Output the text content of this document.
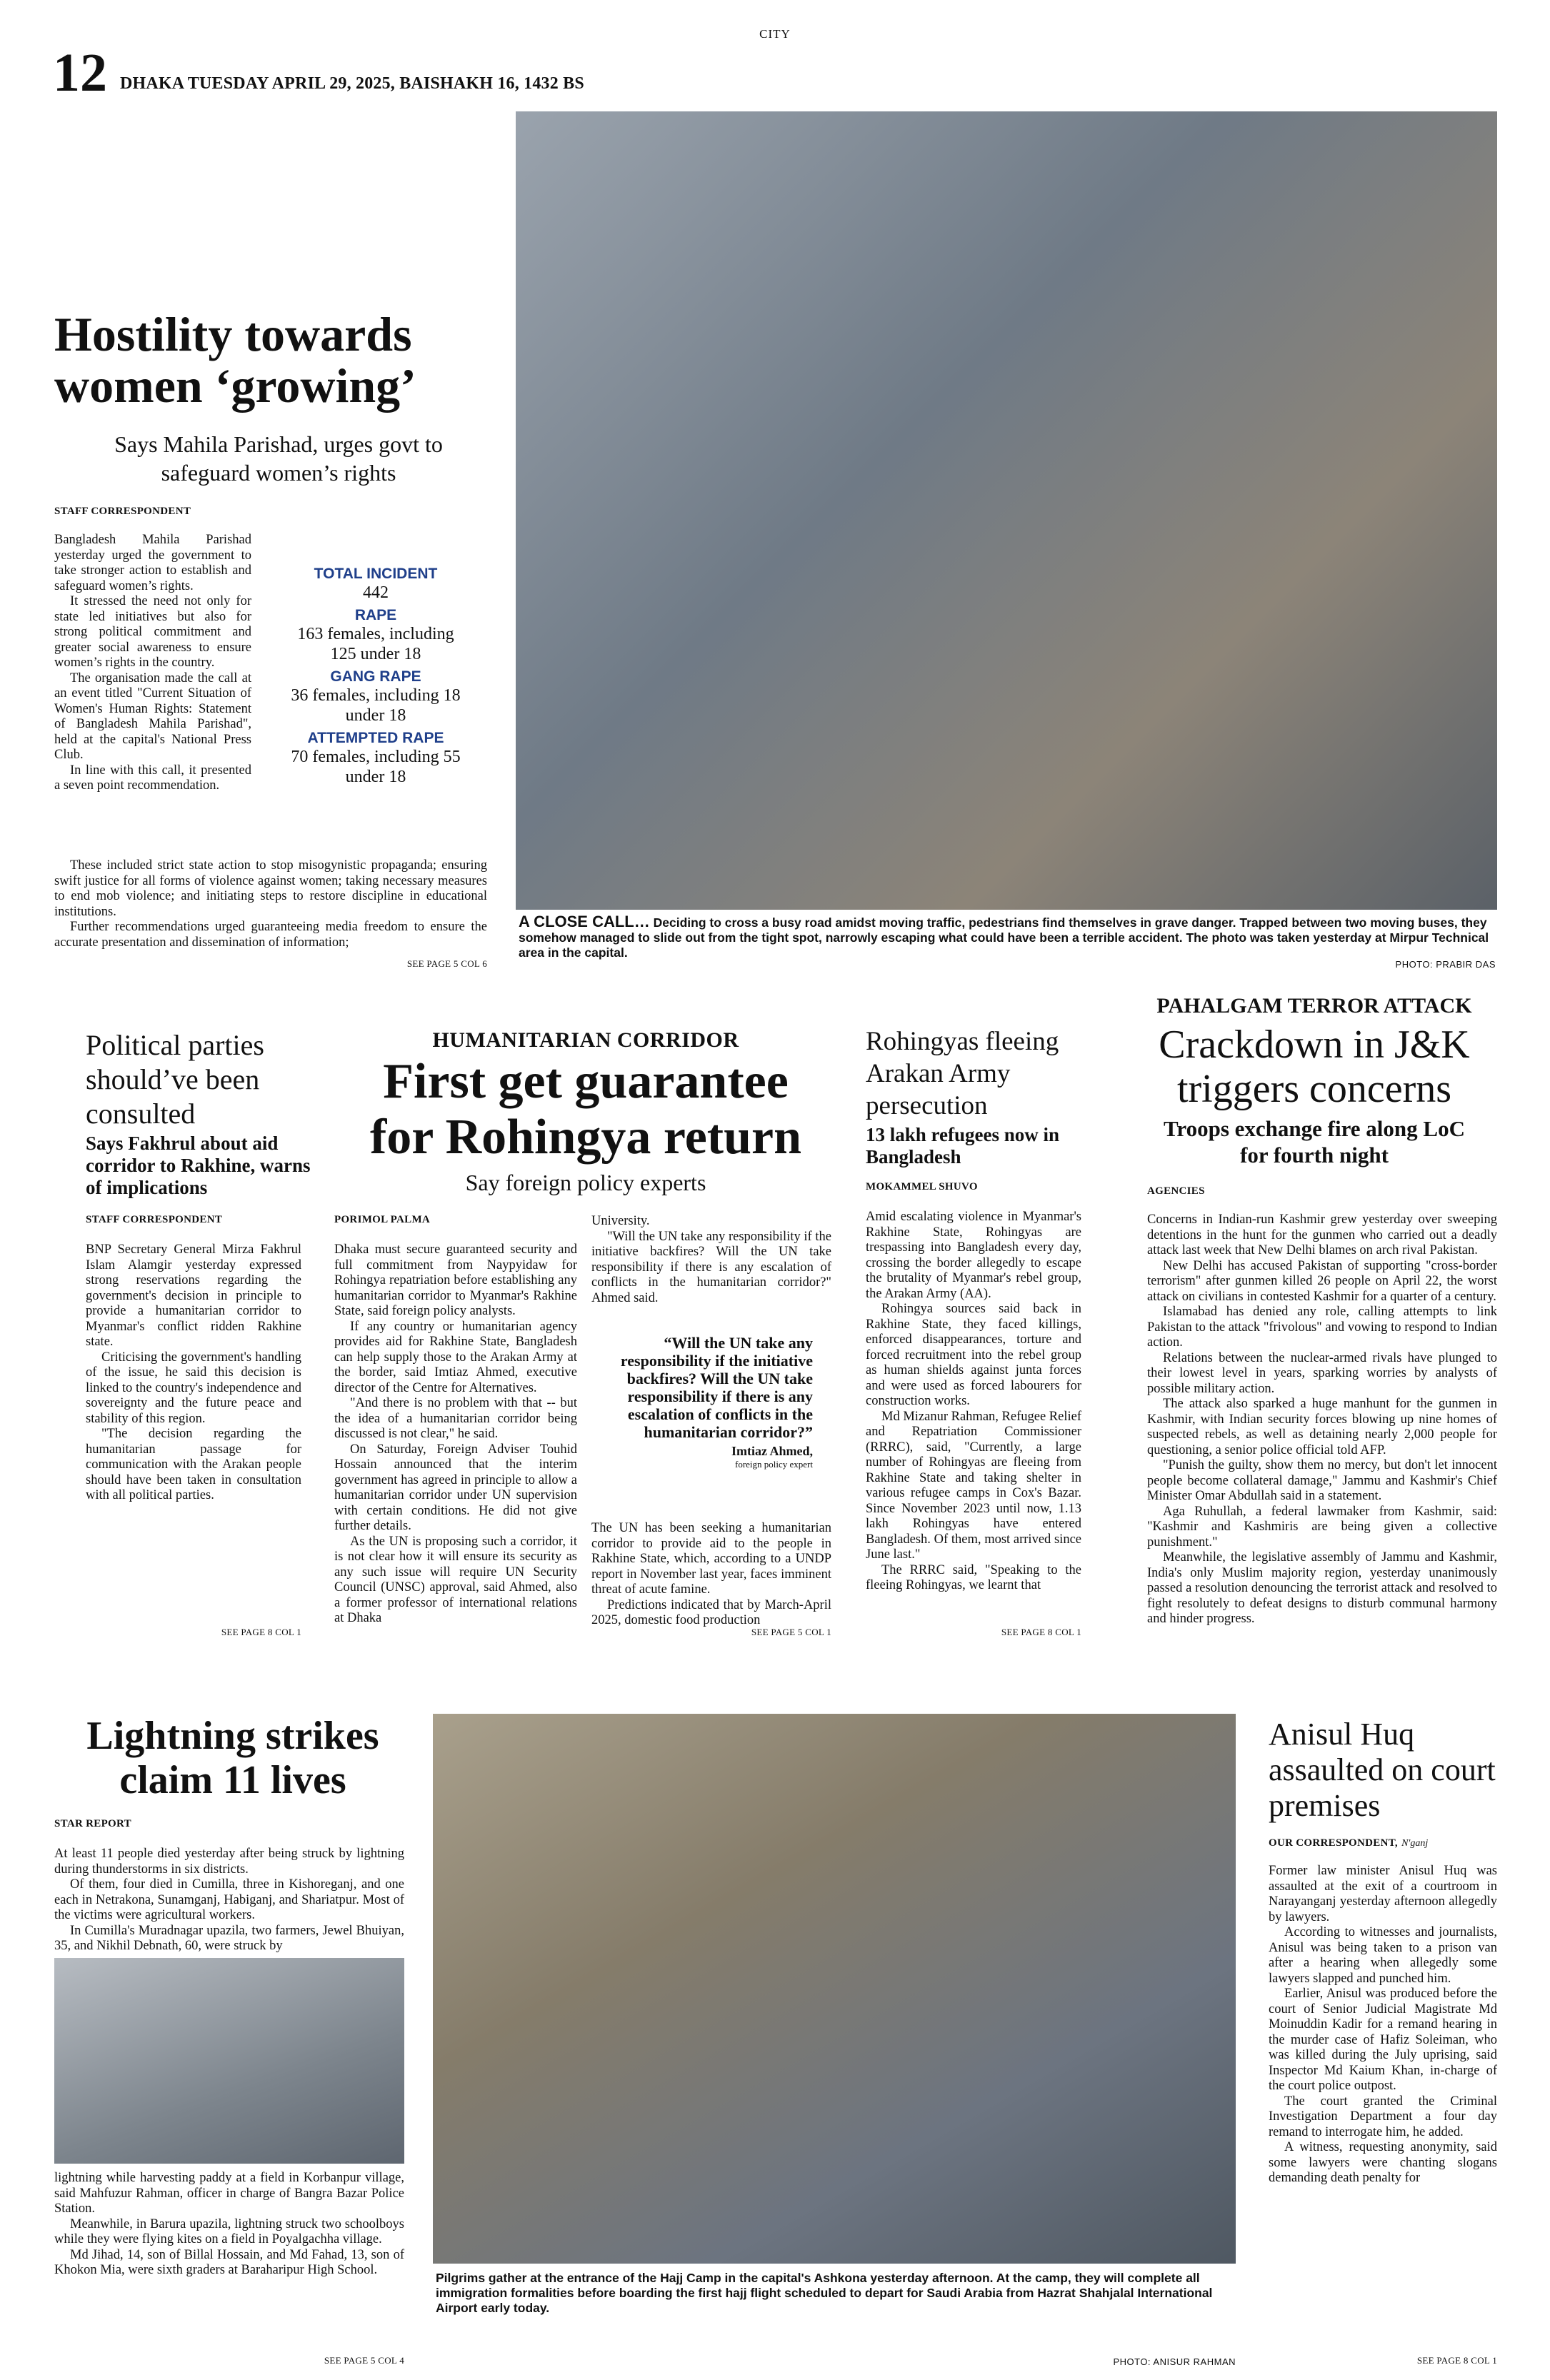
CITY
12 DHAKA TUESDAY APRIL 29, 2025, BAISHAKH 16, 1432 BS
Hostility towards
women ‘growing’
Says Mahila Parishad, urges govt to safeguard women’s rights
STAFF CORRESPONDENT

Bangladesh Mahila Parishad yesterday urged the government to take stronger action to establish and safeguard women’s rights.

It stressed the need not only for state led initiatives but also for strong political commitment and greater social awareness to ensure women’s rights in the country.

The organisation made the call at an event titled "Current Situation of Women's Human Rights: Statement of Bangladesh Mahila Parishad", held at the capital's National Press Club.

In line with this call, it presented a seven point recommendation.

TOTAL INCIDENT
442
RAPE
163 females, including 125 under 18
GANG RAPE
36 females, including 18 under 18
ATTEMPTED RAPE
70 females, including 55 under 18

These included strict state action to stop misogynistic propaganda; ensuring swift justice for all forms of violence against women; taking necessary measures to end mob violence; and initiating steps to restore discipline in educational institutions.

Further recommendations urged guaranteeing media freedom to ensure the accurate presentation and dissemination of information;

SEE PAGE 5 COL 6
A CLOSE CALL… Deciding to cross a busy road amidst moving traffic, pedestrians find themselves in grave danger. Trapped between two moving buses, they somehow managed to slide out from the tight spot, narrowly escaping what could have been a terrible accident. The photo was taken yesterday at Mirpur Technical area in the capital.
PHOTO: PRABIR DAS
Political parties should’ve been consulted
Says Fakhrul about aid corridor to Rakhine, warns of implications
STAFF CORRESPONDENT

BNP Secretary General Mirza Fakhrul Islam Alamgir yesterday expressed strong reservations regarding the government's decision in principle to provide a humanitarian corridor to Myanmar's conflict ridden Rakhine state.

Criticising the government's handling of the issue, he said this decision is linked to the country's independence and sovereignty and the future peace and stability of this region.

"The decision regarding the humanitarian passage for communication with the Arakan people should have been taken in consultation with all political parties.

SEE PAGE 8 COL 1
HUMANITARIAN CORRIDOR
First get guarantee
for Rohingya return
Say foreign policy experts
PORIMOL PALMA

Dhaka must secure guaranteed security and full commitment from Naypyidaw for Rohingya repatriation before establishing any humanitarian corridor to Myanmar's Rakhine State, said foreign policy analysts.

If any country or humanitarian agency provides aid for Rakhine State, Bangladesh can help supply those to the Arakan Army at the border, said Imtiaz Ahmed, executive director of the Centre for Alternatives.

"And there is no problem with that -- but the idea of a humanitarian corridor being discussed is not clear," he said.

On Saturday, Foreign Adviser Touhid Hossain announced that the interim government has agreed in principle to allow a humanitarian corridor under UN supervision with certain conditions. He did not give further details.

As the UN is proposing such a corridor, it is not clear how it will ensure its security as any such issue will require UN Security Council (UNSC) approval, said Ahmed, also a former professor of international relations at Dhaka

University.

"Will the UN take any responsibility if the initiative backfires? Will the UN take responsibility if there is any escalation of conflicts in the humanitarian corridor?" Ahmed said.

“Will the UN take any responsibility if the initiative backfires? Will the UN take responsibility if there is any escalation of conflicts in the humanitarian corridor?”
Imtiaz Ahmed,
foreign policy expert

The UN has been seeking a humanitarian corridor to provide aid to the people in Rakhine State, which, according to a UNDP report in November last year, faces imminent threat of acute famine.

Predictions indicated that by March-April 2025, domestic food production

SEE PAGE 5 COL 1
Rohingyas fleeing Arakan Army persecution
13 lakh refugees now in Bangladesh
MOKAMMEL SHUVO

Amid escalating violence in Myanmar's Rakhine State, Rohingyas are trespassing into Bangladesh every day, crossing the border allegedly to escape the brutality of Myanmar's rebel group, the Arakan Army (AA).

Rohingya sources said back in Rakhine State, they faced killings, enforced disappearances, torture and forced recruitment into the rebel group as human shields against junta forces and were used as forced labourers for construction works.

Md Mizanur Rahman, Refugee Relief and Repatriation Commissioner (RRRC), said, "Currently, a large number of Rohingyas are fleeing from Rakhine State and taking shelter in various refugee camps in Cox's Bazar. Since November 2023 until now, 1.13 lakh Rohingyas have entered Bangladesh. Of them, most arrived since June last."

The RRRC said, "Speaking to the fleeing Rohingyas, we learnt that

SEE PAGE 8 COL 1
PAHALGAM TERROR ATTACK
Crackdown in J&K
triggers concerns
Troops exchange fire along LoC for fourth night
AGENCIES

Concerns in Indian-run Kashmir grew yesterday over sweeping detentions in the hunt for the gunmen who carried out a deadly attack last week that New Delhi blames on arch rival Pakistan.

New Delhi has accused Pakistan of supporting "cross-border terrorism" after gunmen killed 26 people on April 22, the worst attack on civilians in contested Kashmir for a quarter of a century.

Islamabad has denied any role, calling attempts to link Pakistan to the attack "frivolous" and vowing to respond to Indian action.

Relations between the nuclear-armed rivals have plunged to their lowest level in years, sparking worries by analysts of possible military action.

The attack also sparked a huge manhunt for the gunmen in Kashmir, with Indian security forces blowing up nine homes of suspected rebels, as well as detaining nearly 2,000 people for questioning, a senior police official told AFP.

"Punish the guilty, show them no mercy, but don't let innocent people become collateral damage," Jammu and Kashmir's Chief Minister Omar Abdullah said in a statement.

Aga Ruhullah, a federal lawmaker from Kashmir, said: "Kashmir and Kashmiris are being given a collective punishment."

Meanwhile, the legislative assembly of Jammu and Kashmir, India's only Muslim majority region, yesterday unanimously passed a resolution denouncing the terrorist attack and resolved to fight resolutely to defeat designs to disturb communal harmony and hinder progress.

Lightning strikes
claim 11 lives
STAR REPORT

At least 11 people died yesterday after being struck by lightning during thunderstorms in six districts.

Of them, four died in Cumilla, three in Kishoreganj, and one each in Netrakona, Sunamganj, Habiganj, and Shariatpur. Most of the victims were agricultural workers.

In Cumilla's Muradnagar upazila, two farmers, Jewel Bhuiyan, 35, and Nikhil Debnath, 60, were struck by

lightning while harvesting paddy at a field in Korbanpur village, said Mahfuzur Rahman, officer in charge of Bangra Bazar Police Station.

Meanwhile, in Barura upazila, lightning struck two schoolboys while they were flying kites on a field in Poyalgachha village.

Md Jihad, 14, son of Billal Hossain, and Md Fahad, 13, son of Khokon Mia, were sixth graders at Baraharipur High School.

SEE PAGE 5 COL 4
Pilgrims gather at the entrance of the Hajj Camp in the capital's Ashkona yesterday afternoon. At the camp, they will complete all immigration formalities before boarding the first hajj flight scheduled to depart for Saudi Arabia from Hazrat Shahjalal International Airport early today.
PHOTO: ANISUR RAHMAN
Anisul Huq assaulted on court premises
OUR CORRESPONDENT, N'ganj

Former law minister Anisul Huq was assaulted at the exit of a courtroom in Narayanganj yesterday afternoon allegedly by lawyers.

According to witnesses and journalists, Anisul was being taken to a prison van after a hearing when allegedly some lawyers slapped and punched him.

Earlier, Anisul was produced before the court of Senior Judicial Magistrate Md Moinuddin Kadir for a remand hearing in the murder case of Hafiz Soleiman, who was killed during the July uprising, said Inspector Md Kaium Khan, in-charge of the court police outpost.

The court granted the Criminal Investigation Department a four day remand to interrogate him, he added.

A witness, requesting anonymity, said some lawyers were chanting slogans demanding death penalty for

SEE PAGE 8 COL 1
